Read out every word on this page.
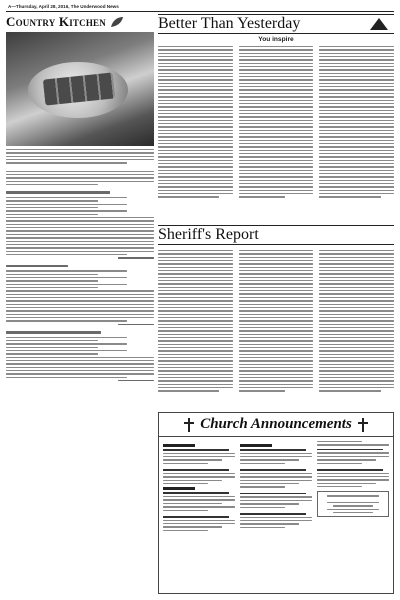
A—Thursday, April 28, 2016, The Underwood News
Country Kitchen	Better Than Yesterday
You inspire
Sheriff's Report
Church Announcements
